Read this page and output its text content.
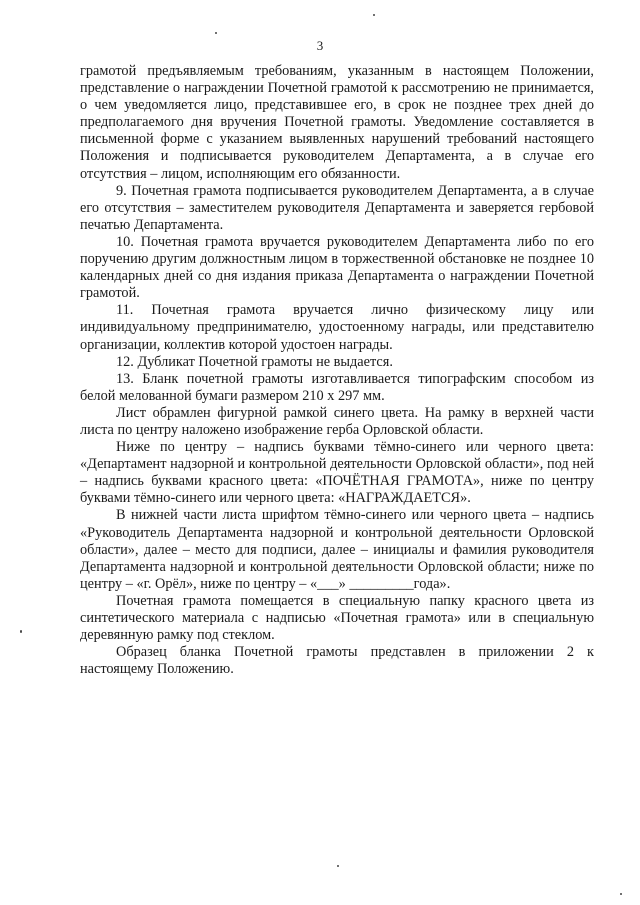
3

грамотой предъявляемым требованиям, указанным в настоящем Положении, представление о награждении Почетной грамотой к рассмотрению не принимается, о чем уведомляется лицо, представившее его, в срок не позднее трех дней до предполагаемого дня вручения Почетной грамоты. Уведомление составляется в письменной форме с указанием выявленных нарушений требований настоящего Положения и подписывается руководителем Департамента, а в случае его отсутствия – лицом, исполняющим его обязанности.

9. Почетная грамота подписывается руководителем Департамента, а в случае его отсутствия – заместителем руководителя Департамента и заверяется гербовой печатью Департамента.

10. Почетная грамота вручается руководителем Департамента либо по его поручению другим должностным лицом в торжественной обстановке не позднее 10 календарных дней со дня издания приказа Департамента о награждении Почетной грамотой.

11. Почетная грамота вручается лично физическому лицу или индивидуальному предпринимателю, удостоенному награды, или представителю организации, коллектив которой удостоен награды.

12. Дубликат Почетной грамоты не выдается.

13. Бланк почетной грамоты изготавливается типографским способом из белой мелованной бумаги размером 210 х 297 мм.

Лист обрамлен фигурной рамкой синего цвета. На рамку в верхней части листа по центру наложено изображение герба Орловской области.

Ниже по центру – надпись буквами тёмно-синего или черного цвета: «Департамент надзорной и контрольной деятельности Орловской области», под ней – надпись буквами красного цвета: «ПОЧЁТНАЯ ГРАМОТА», ниже по центру буквами тёмно-синего или черного цвета: «НАГРАЖДАЕТСЯ».

В нижней части листа шрифтом тёмно-синего или черного цвета – надпись «Руководитель Департамента надзорной и контрольной деятельности Орловской области», далее – место для подписи, далее – инициалы и фамилия руководителя Департамента надзорной и контрольной деятельности Орловской области; ниже по центру – «г. Орёл», ниже по центру – «___» _________года».

Почетная грамота помещается в специальную папку красного цвета из синтетического материала с надписью «Почетная грамота» или в специальную деревянную рамку под стеклом.

Образец бланка Почетной грамоты представлен в приложении 2 к настоящему Положению.
